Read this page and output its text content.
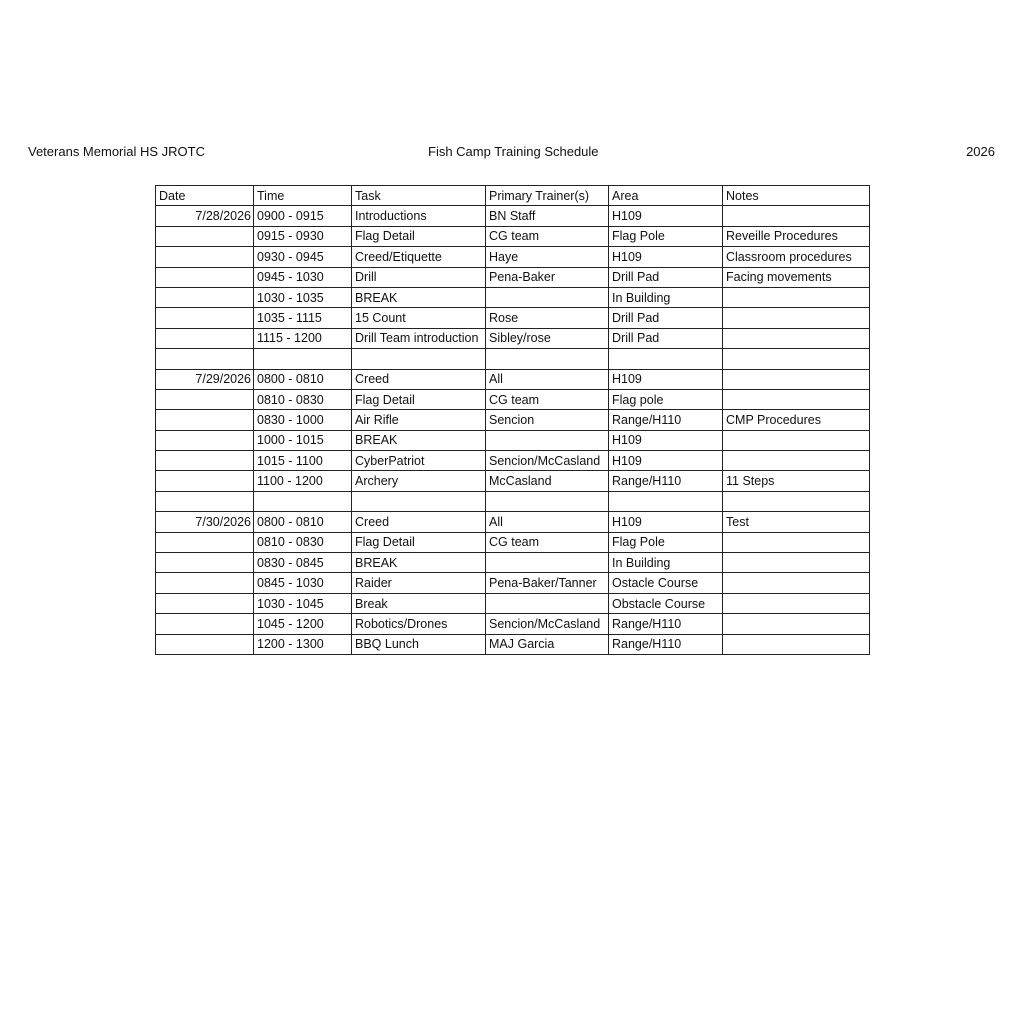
Veterans Memorial HS JROTC	Fish Camp Training Schedule	2026
Date	Time	Task	Primary Trainer(s)	Area	Notes
7/28/2026	0900 - 0915	Introductions	BN Staff	H109	
	0915 - 0930	Flag Detail	CG team	Flag Pole	Reveille Procedures
	0930 - 0945	Creed/Etiquette	Haye	H109	Classroom procedures
	0945 - 1030	Drill	Pena-Baker	Drill Pad	Facing movements
	1030 - 1035	BREAK		In Building	
	1035 - 1115	15 Count	Rose	Drill Pad	
	1115 - 1200	Drill Team introduction	Sibley/rose	Drill Pad	

7/29/2026	0800 - 0810	Creed	All	H109	
	0810 - 0830	Flag Detail	CG team	Flag pole	
	0830 - 1000	Air Rifle	Sencion	Range/H110	CMP Procedures
	1000 - 1015	BREAK		H109	
	1015 - 1100	CyberPatriot	Sencion/McCasland	H109	
	1100 - 1200	Archery	McCasland	Range/H110	11 Steps

7/30/2026	0800 - 0810	Creed	All	H109	Test
	0810 - 0830	Flag Detail	CG team	Flag Pole	
	0830 - 0845	BREAK		In Building	
	0845 - 1030	Raider	Pena-Baker/Tanner	Ostacle Course	
	1030 - 1045	Break		Obstacle Course	
	1045 - 1200	Robotics/Drones	Sencion/McCasland	Range/H110	
	1200 - 1300	BBQ Lunch	MAJ Garcia	Range/H110	
